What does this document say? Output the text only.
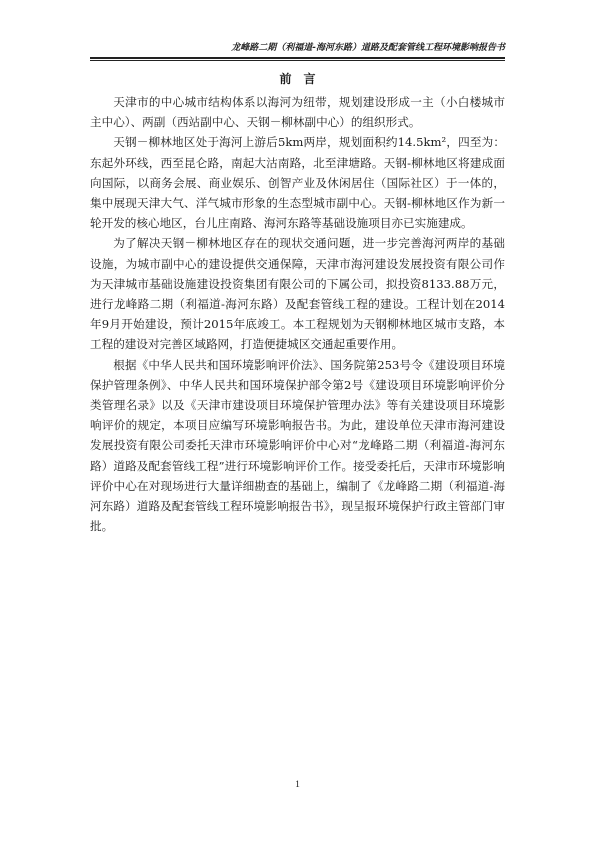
龙峰路二期（利福道-海河东路）道路及配套管线工程环境影响报告书
前言

天津市的中心城市结构体系以海河为纽带，规划建设形成一主（小白楼城市主中心）、两副（西站副中心、天钢－柳林副中心）的组织形式。

天钢－柳林地区处于海河上游后5km两岸，规划面积约14.5km²，四至为：东起外环线，西至昆仑路，南起大沽南路，北至津塘路。天钢-柳林地区将建成面向国际，以商务会展、商业娱乐、创智产业及休闲居住（国际社区）于一体的，集中展现天津大气、洋气城市形象的生态型城市副中心。天钢-柳林地区作为新一轮开发的核心地区，台儿庄南路、海河东路等基础设施项目亦已实施建成。

为了解决天钢－柳林地区存在的现状交通问题，进一步完善海河两岸的基础设施，为城市副中心的建设提供交通保障，天津市海河建设发展投资有限公司作为天津城市基础设施建设投资集团有限公司的下属公司，拟投资8133.88万元，进行龙峰路二期（利福道-海河东路）及配套管线工程的建设。工程计划在2014年9月开始建设，预计2015年底竣工。本工程规划为天钢柳林地区城市支路，本工程的建设对完善区域路网，打造便捷城区交通起重要作用。

根据《中华人民共和国环境影响评价法》、国务院第253号令《建设项目环境保护管理条例》、中华人民共和国环境保护部令第2号《建设项目环境影响评价分类管理名录》以及《天津市建设项目环境保护管理办法》等有关建设项目环境影响评价的规定，本项目应编写环境影响报告书。为此，建设单位天津市海河建设发展投资有限公司委托天津市环境影响评价中心对“龙峰路二期（利福道-海河东路）道路及配套管线工程”进行环境影响评价工作。接受委托后，天津市环境影响评价中心在对现场进行大量详细勘查的基础上，编制了《龙峰路二期（利福道-海河东路）道路及配套管线工程环境影响报告书》，现呈报环境保护行政主管部门审批。

1
